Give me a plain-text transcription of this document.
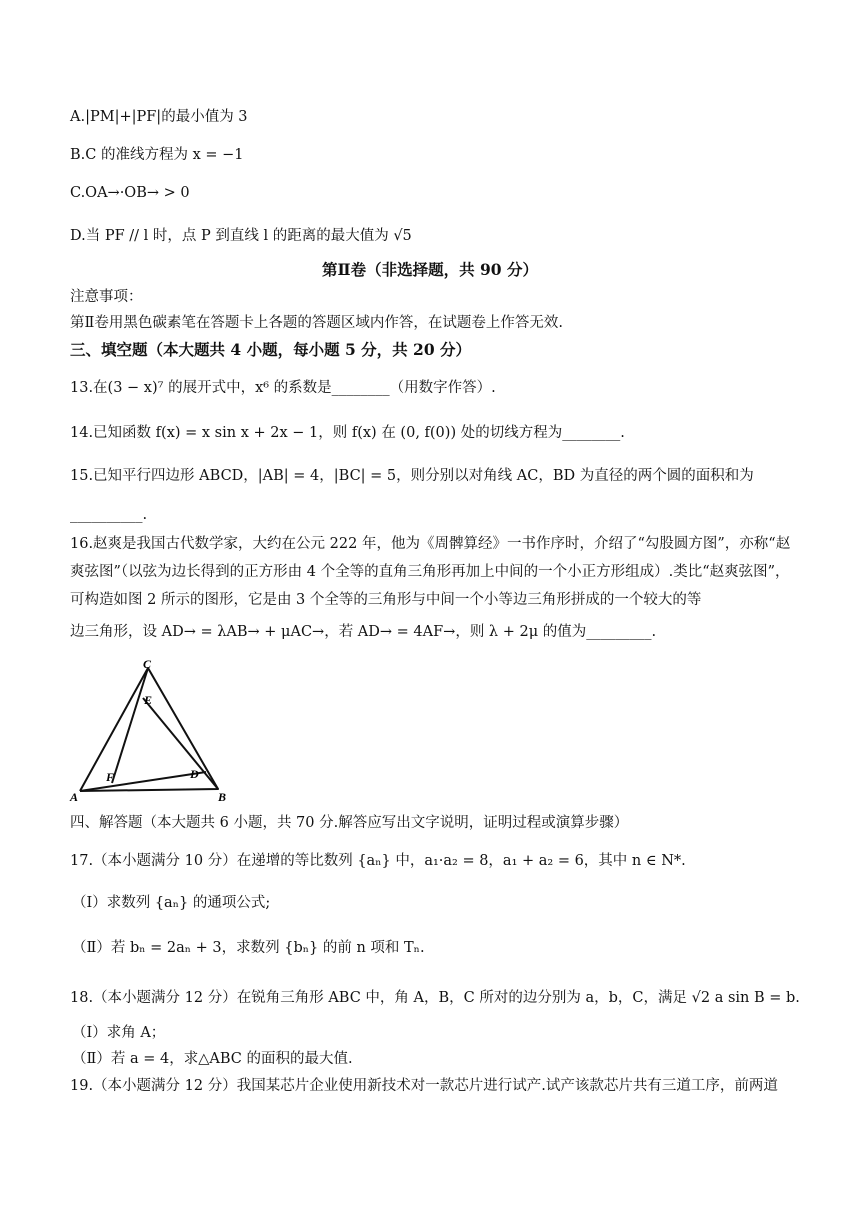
A.|PM|+|PF|的最小值为 3
B.C 的准线方程为 x = −1
C.OA→·OB→ > 0
D.当 PF // l 时，点 P 到直线 l 的距离的最大值为 √5
第Ⅱ卷（非选择题，共 90 分）
注意事项：
第Ⅱ卷用黑色碳素笔在答题卡上各题的答题区域内作答，在试题卷上作答无效.
三、填空题（本大题共 4 小题，每小题 5 分，共 20 分）
13.在(3 − x)⁷ 的展开式中，x⁶ 的系数是________（用数字作答）.
14.已知函数 f(x) = x sin x + 2x − 1，则 f(x) 在 (0, f(0)) 处的切线方程为________.
15.已知平行四边形 ABCD，|AB| = 4，|BC| = 5，则分别以对角线 AC，BD 为直径的两个圆的面积和为
__________.
16.赵爽是我国古代数学家，大约在公元 222 年，他为《周髀算经》一书作序时，介绍了“勾股圆方图”，亦称“赵爽弦图”（以弦为边长得到的正方形由 4 个全等的直角三角形再加上中间的一个小正方形组成）.类比“赵爽弦图”，可构造如图 2 所示的图形，它是由 3 个全等的三角形与中间一个小等边三角形拼成的一个较大的等
边三角形，设 AD→ = λAB→ + μAC→，若 AD→ = 4AF→，则 λ + 2μ 的值为_________.
C
E
F	D
A	B
四、解答题（本大题共 6 小题，共 70 分.解答应写出文字说明，证明过程或演算步骤）
17.（本小题满分 10 分）在递增的等比数列 {aₙ} 中，a₁·a₂ = 8，a₁ + a₂ = 6，其中 n ∈ N*.
（Ⅰ）求数列 {aₙ} 的通项公式;
（Ⅱ）若 bₙ = 2aₙ + 3，求数列 {bₙ} 的前 n 项和 Tₙ.
18.（本小题满分 12 分）在锐角三角形 ABC 中，角 A，B，C 所对的边分别为 a，b，C，满足 √2 a sin B = b.
（Ⅰ）求角 A；
（Ⅱ）若 a = 4，求△ABC 的面积的最大值.
19.（本小题满分 12 分）我国某芯片企业使用新技术对一款芯片进行试产.试产该款芯片共有三道工序，前两道
